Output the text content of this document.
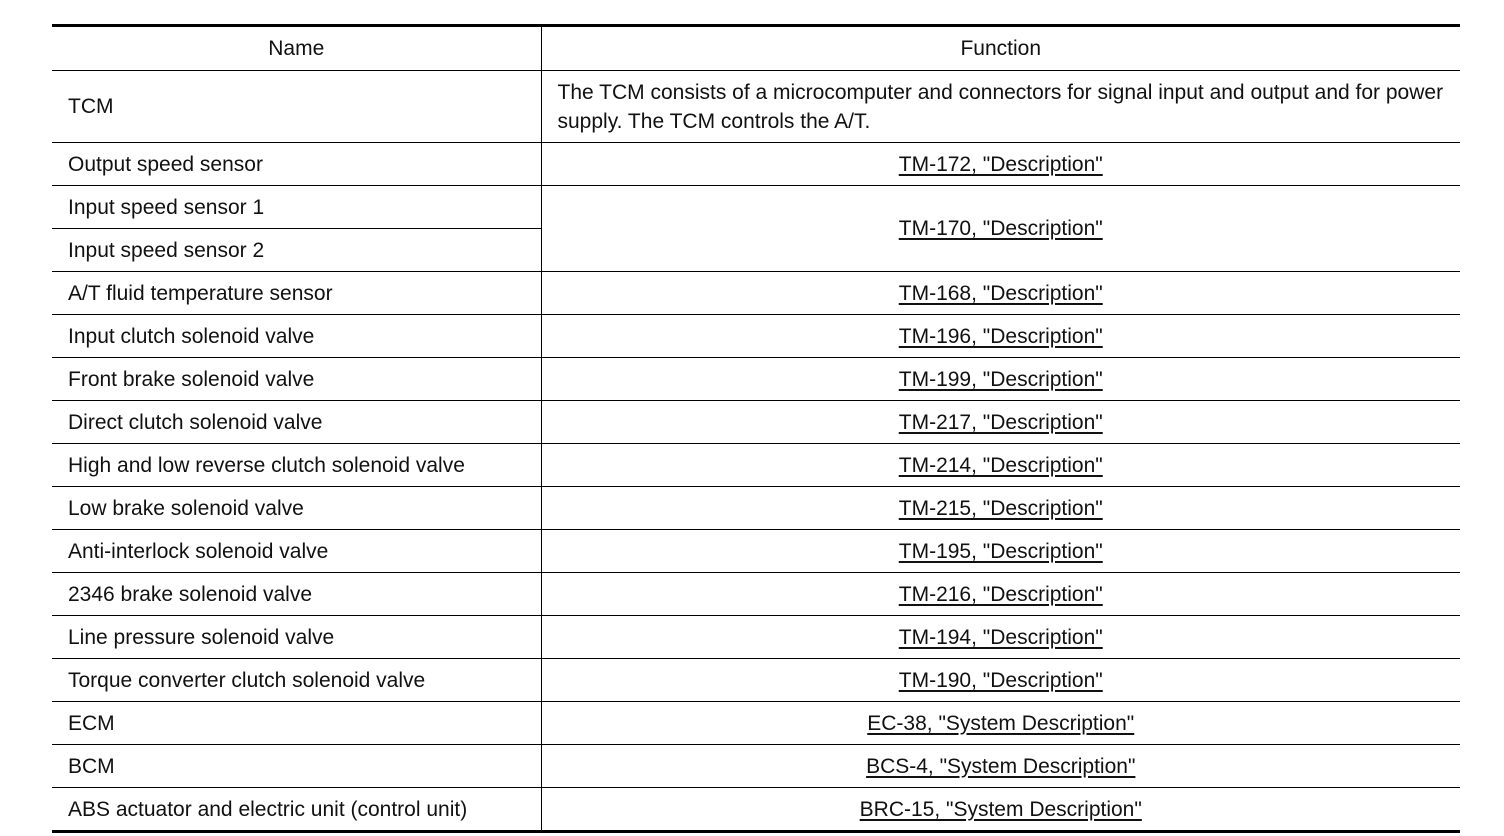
Name	Function
TCM	The TCM consists of a microcomputer and connectors for signal input and output and for power supply. The TCM controls the A/T.
Output speed sensor	TM-172, "Description"
Input speed sensor 1	TM-170, "Description"
Input speed sensor 2	
A/T fluid temperature sensor	TM-168, "Description"
Input clutch solenoid valve	TM-196, "Description"
Front brake solenoid valve	TM-199, "Description"
Direct clutch solenoid valve	TM-217, "Description"
High and low reverse clutch solenoid valve	TM-214, "Description"
Low brake solenoid valve	TM-215, "Description"
Anti-interlock solenoid valve	TM-195, "Description"
2346 brake solenoid valve	TM-216, "Description"
Line pressure solenoid valve	TM-194, "Description"
Torque converter clutch solenoid valve	TM-190, "Description"
ECM	EC-38, "System Description"
BCM	BCS-4, "System Description"
ABS actuator and electric unit (control unit)	BRC-15, "System Description"
